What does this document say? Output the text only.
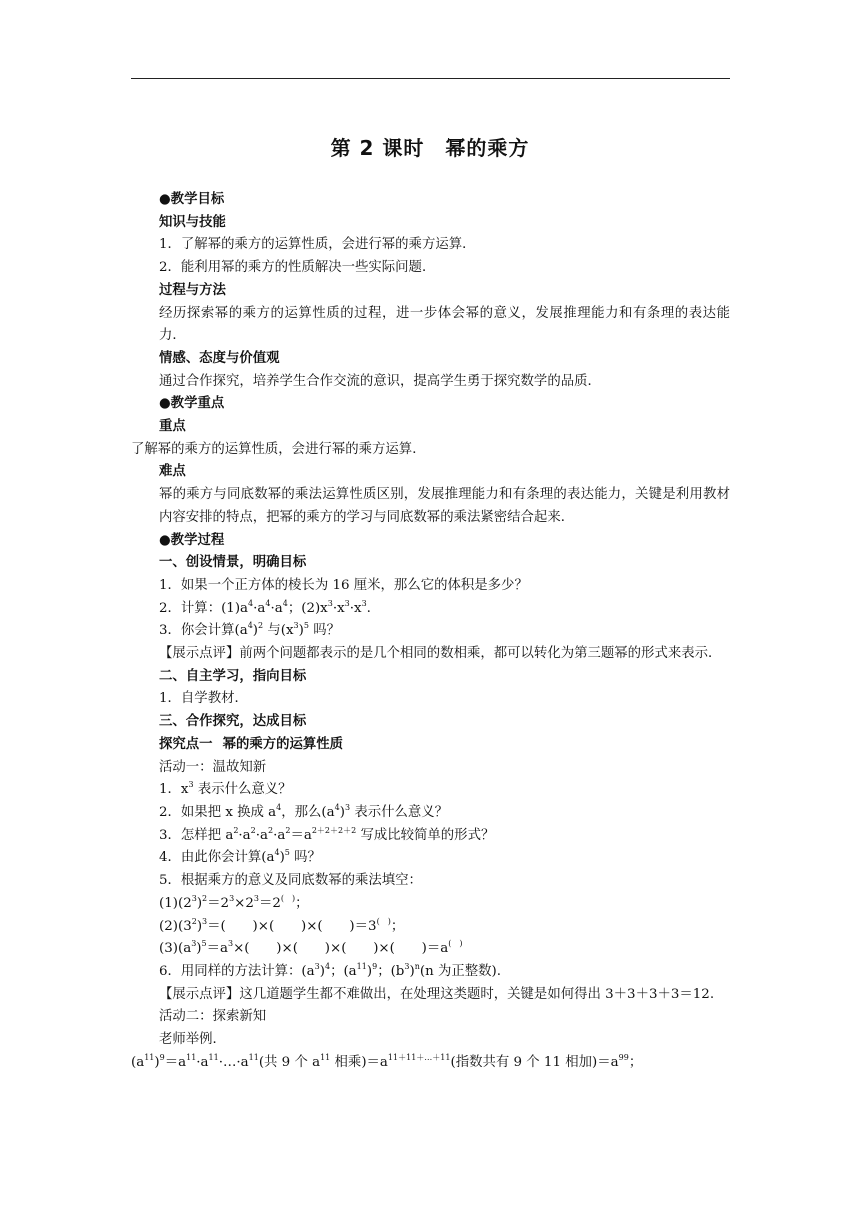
第 2 课时　幂的乘方
●教学目标
知识与技能
1．了解幂的乘方的运算性质，会进行幂的乘方运算．
2．能利用幂的乘方的性质解决一些实际问题．
过程与方法
经历探索幂的乘方的运算性质的过程，进一步体会幂的意义，发展推理能力和有条理的表达能力．
情感、态度与价值观
通过合作探究，培养学生合作交流的意识，提高学生勇于探究数学的品质．
●教学重点
重点
了解幂的乘方的运算性质，会进行幂的乘方运算．
难点
幂的乘方与同底数幂的乘法运算性质区别，发展推理能力和有条理的表达能力，关键是利用教材内容安排的特点，把幂的乘方的学习与同底数幂的乘法紧密结合起来．
●教学过程
一、创设情景，明确目标
1．如果一个正方体的棱长为 16 厘米，那么它的体积是多少？
2．计算：$(1)a^4\cdot a^4\cdot a^4$；$(2)x^3\cdot x^3\cdot x^3$.
3．你会计算$(a^4)^2$ 与$(x^3)^5$ 吗？
【展示点评】前两个问题都表示的是几个相同的数相乘，都可以转化为第三题幂的形式来表示．
二、自主学习，指向目标
1．自学教材．
三、合作探究，达成目标
探究点一 幂的乘方的运算性质
活动一：温故知新
1．$x^3$ 表示什么意义？
2．如果把 x 换成 $a^4$，那么$(a^4)^3$ 表示什么意义？
3．怎样把 $a^2\cdot a^2\cdot a^2\cdot a^2=a^{2+2+2+2}$ 写成比较简单的形式？
4．由此你会计算$(a^4)^5$ 吗？
5．根据乘方的意义及同底数幂的乘法填空：
$(1)(2^3)^2=2^3\times 2^3=2^{( )}$；
$(2)(3^2)^3=$(　　)×(　　)×(　　)＝3(　)；
$(3)(a^3)^5=a^3\times$(　　)×(　　)×(　　)×(　　)＝a(　)
6．用同样的方法计算：$(a^3)^4$；$(a^{11})^9$；$(b^3)^n(n$ 为正整数).
【展示点评】这几道题学生都不难做出，在处理这类题时，关键是如何得出 3＋3＋3＋3＝12.
活动二：探索新知
老师举例．
$(a^{11})^9=a^{11}\cdot a^{11}\cdot\dots\cdot a^{11}$(共 9 个 $a^{11}$ 相乘)$=a^{11+11+\dots+11}$(指数共有 9 个 11 相加)$=a^{99}$；
